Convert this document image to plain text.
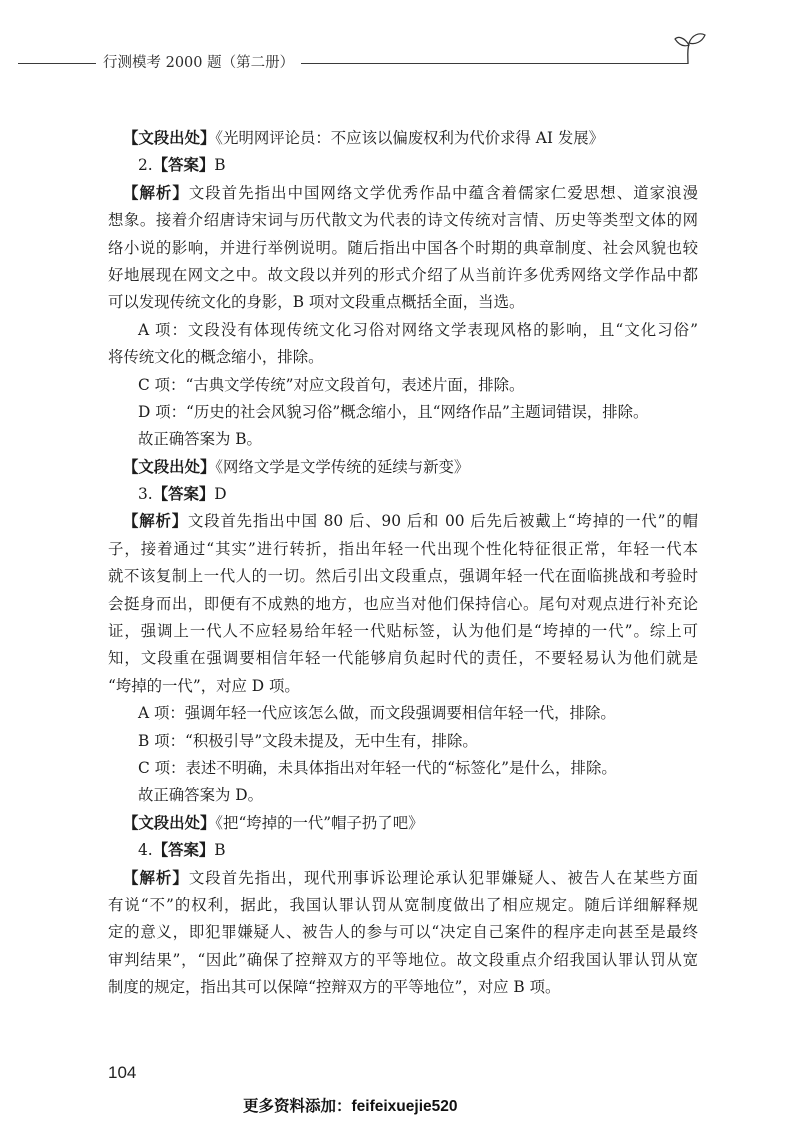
行测模考 2000 题（第二册）
【文段出处】《光明网评论员：不应该以偏废权利为代价求得 AI 发展》
2.【答案】B
【解析】文段首先指出中国网络文学优秀作品中蕴含着儒家仁爱思想、道家浪漫
想象。接着介绍唐诗宋词与历代散文为代表的诗文传统对言情、历史等类型文体的网
络小说的影响，并进行举例说明。随后指出中国各个时期的典章制度、社会风貌也较
好地展现在网文之中。故文段以并列的形式介绍了从当前许多优秀网络文学作品中都
可以发现传统文化的身影，B 项对文段重点概括全面，当选。
A 项：文段没有体现传统文化习俗对网络文学表现风格的影响，且“文化习俗”
将传统文化的概念缩小，排除。
C 项：“古典文学传统”对应文段首句，表述片面，排除。
D 项：“历史的社会风貌习俗”概念缩小，且“网络作品”主题词错误，排除。
故正确答案为 B。
【文段出处】《网络文学是文学传统的延续与新变》
3.【答案】D
【解析】文段首先指出中国 80 后、90 后和 00 后先后被戴上“垮掉的一代”的帽
子，接着通过“其实”进行转折，指出年轻一代出现个性化特征很正常，年轻一代本
就不该复制上一代人的一切。然后引出文段重点，强调年轻一代在面临挑战和考验时
会挺身而出，即便有不成熟的地方，也应当对他们保持信心。尾句对观点进行补充论
证，强调上一代人不应轻易给年轻一代贴标签，认为他们是“垮掉的一代”。综上可
知，文段重在强调要相信年轻一代能够肩负起时代的责任，不要轻易认为他们就是
“垮掉的一代”，对应 D 项。
A 项：强调年轻一代应该怎么做，而文段强调要相信年轻一代，排除。
B 项：“积极引导”文段未提及，无中生有，排除。
C 项：表述不明确，未具体指出对年轻一代的“标签化”是什么，排除。
故正确答案为 D。
【文段出处】《把“垮掉的一代”帽子扔了吧》
4.【答案】B
【解析】文段首先指出，现代刑事诉讼理论承认犯罪嫌疑人、被告人在某些方面
有说“不”的权利，据此，我国认罪认罚从宽制度做出了相应规定。随后详细解释规
定的意义，即犯罪嫌疑人、被告人的参与可以“决定自己案件的程序走向甚至是最终
审判结果”，“因此”确保了控辩双方的平等地位。故文段重点介绍我国认罪认罚从宽
制度的规定，指出其可以保障“控辩双方的平等地位”，对应 B 项。
104
更多资料添加：feifeixuejie520
